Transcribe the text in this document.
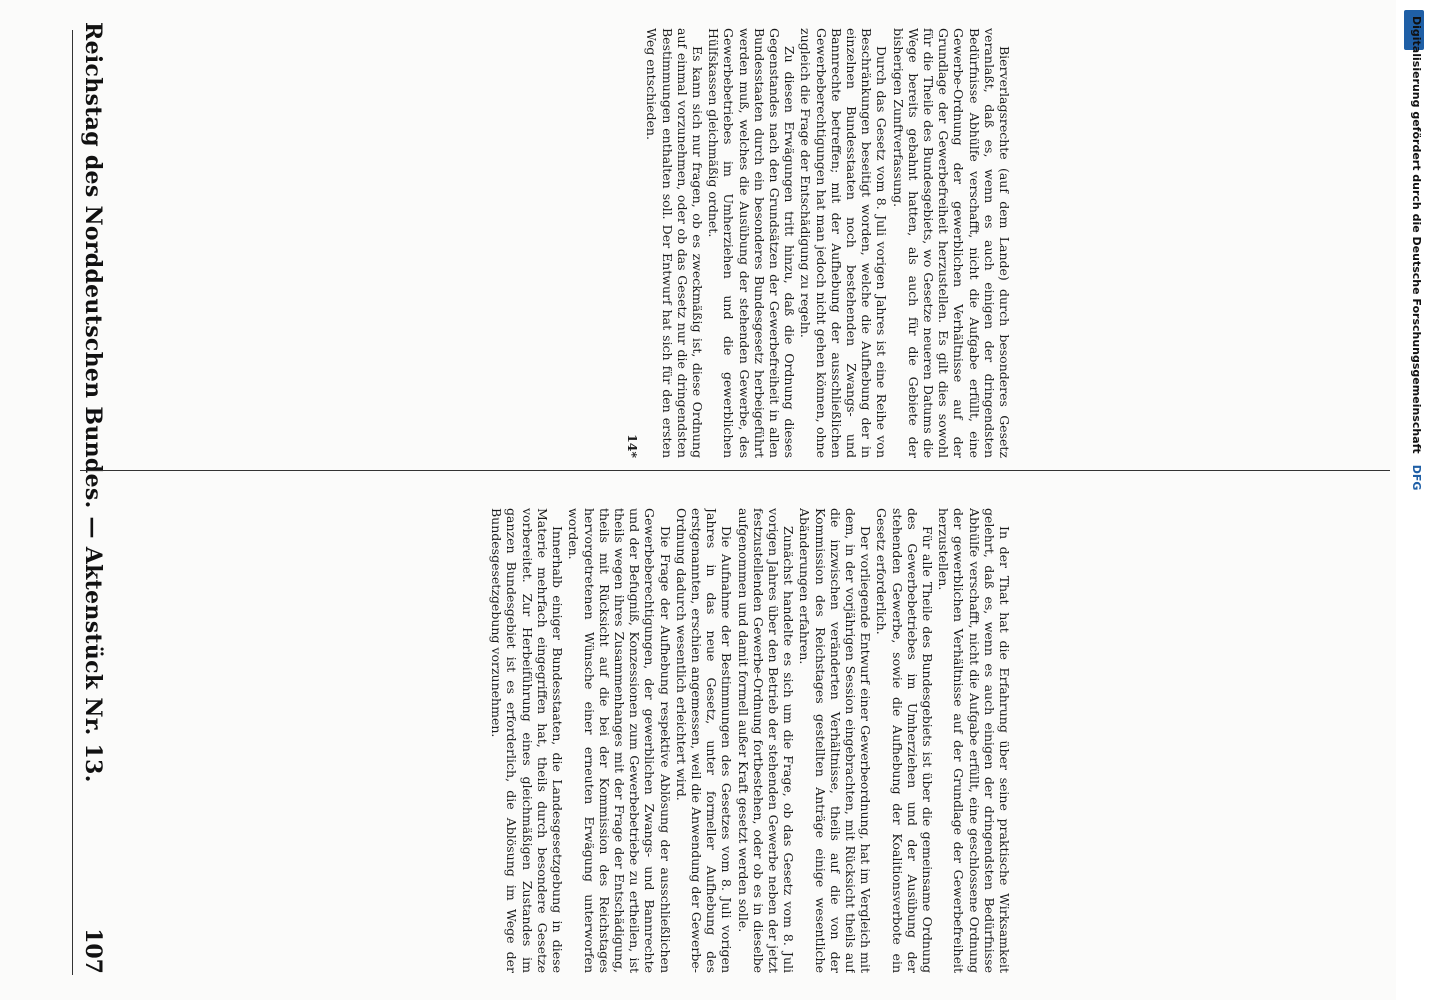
Reichstag des Norddeutschen Bundes. — Aktenstück Nr. 13.
107

Bierverlagsrechte (auf dem Lande) durch besonderes Gesetz veranlaßt, daß es, wenn es auch einigen der dringendsten Bedürfnisse Abhülfe verschafft, nicht die Aufgabe erfüllt, eine Gewerbe-Ordnung der gewerblichen Verhältnisse auf der Grundlage der Gewerbefreiheit herzustellen. Es gilt dies sowohl für die Theile des Bundesgebiets, wo Gesetze neueren Datums die Wege bereits gebahnt hatten, als auch für die Gebiete der bisherigen Zunftverfassung.

Durch das Gesetz vom 8. Juli vorigen Jahres ist eine Reihe von Beschränkungen beseitigt worden, welche die Aufhebung der in einzelnen Bundesstaaten noch bestehenden Zwangs- und Bannrechte betreffen; mit der Aufhebung der ausschließlichen Gewerbeberechtigungen hat man jedoch nicht gehen können, ohne zugleich die Frage der Entschädigung zu regeln.

Zu diesen Erwägungen tritt hinzu, daß die Ordnung dieses Gegenstandes nach den Grundsätzen der Gewerbefreiheit in allen Bundesstaaten durch ein besonderes Bundesgesetz herbeigeführt werden muß, welches die Ausübung der stehenden Gewerbe, des Gewerbebetriebes im Umherziehen und die gewerblichen Hülfskassen gleichmäßig ordnet.

Es kann sich nur fragen, ob es zweckmäßig ist, diese Ordnung auf einmal vorzunehmen, oder ob das Gesetz nur die dringendsten Bestimmungen enthalten soll. Der Entwurf hat sich für den ersten Weg entschieden.

14*

In der That hat die Erfahrung über seine praktische Wirksamkeit gelehrt, daß es, wenn es auch einigen der dringendsten Bedürfnisse Abhülfe verschafft, nicht die Aufgabe erfüllt, eine geschlossene Ordnung der gewerblichen Verhältnisse auf der Grundlage der Gewerbefreiheit herzustellen.

Für alle Theile des Bundesgebiets ist über die gemeinsame Ordnung des Gewerbebetriebes im Umherziehen und der Ausübung der stehenden Gewerbe, sowie die Aufhebung der Koalitionsverbote ein Gesetz erforderlich.

Der vorliegende Entwurf einer Gewerbeordnung, hat im Vergleich mit dem, in der vorjährigen Session eingebrachten, mit Rücksicht theils auf die inzwischen veränderten Verhältnisse, theils auf die von der Kommission des Reichstages gestellten Anträge einige wesentliche Abänderungen erfahren.

Zunächst handelte es sich um die Frage, ob das Gesetz vom 8. Juli vorigen Jahres über den Betrieb der stehenden Gewerbe neben der jetzt festzustellenden Gewerbe-Ordnung fortbestehen, oder ob es in dieselbe aufgenommen und damit formell außer Kraft gesetzt werden solle.

Die Aufnahme der Bestimmungen des Gesetzes vom 8. Juli vorigen Jahres in das neue Gesetz, unter formeller Aufhebung des erstgenannten, erschien angemessen, weil die Anwendung der Gewerbe-Ordnung dadurch wesentlich erleichtert wird.

Die Frage der Aufhebung respektive Ablösung der ausschließlichen Gewerbeberechtigungen, der gewerblichen Zwangs- und Bannrechte und der Befugniß, Konzessionen zum Gewerbebetriebe zu ertheilen, ist theils wegen ihres Zusammenhanges mit der Frage der Entschädigung, theils mit Rücksicht auf die bei der Kommission des Reichstages hervorgetretenen Wünsche einer erneuten Erwägung unterworfen worden.

Innerhalb einiger Bundesstaaten, die Landesgesetzgebung in diese Materie mehrfach eingegriffen hat, theils durch besondere Gesetze vorbereitet. Zur Herbeiführung eines gleichmäßigen Zustandes im ganzen Bundesgebiet ist es erforderlich, die Ablösung im Wege der Bundesgesetzgebung vorzunehmen.

Digitalisierung gefördert durch die Deutsche Forschungsgemeinschaft DFG
